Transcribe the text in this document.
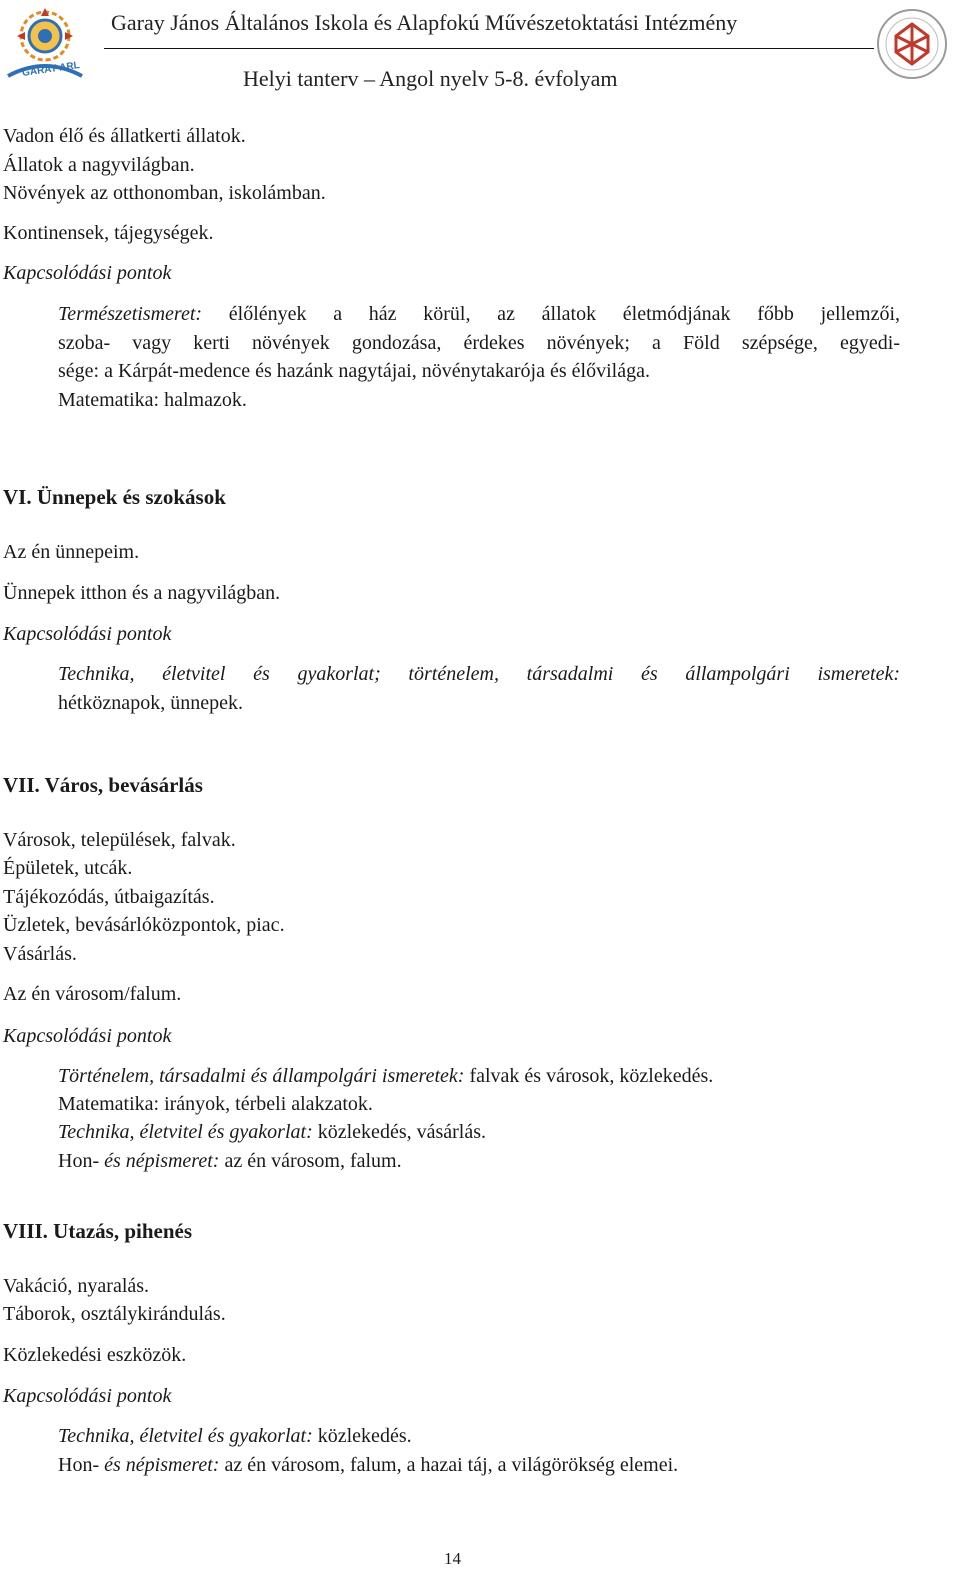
GARAY ARL
Garay János Általános Iskola és Alapfokú Művészetoktatási Intézmény
Helyi tanterv – Angol nyelv 5-8. évfolyam
Vadon élő és állatkerti állatok.
Állatok a nagyvilágban.
Növények az otthonomban, iskolámban.
Kontinensek, tájegységek.
Kapcsolódási pontok
Természetismeret: élőlények a ház körül, az állatok életmódjának főbb jellemzői,
szoba- vagy kerti növények gondozása, érdekes növények; a Föld szépsége, egyedi-
sége: a Kárpát-medence és hazánk nagytájai, növénytakarója és élővilága.
Matematika: halmazok.
VI. Ünnepek és szokások
Az én ünnepeim.
Ünnepek itthon és a nagyvilágban.
Kapcsolódási pontok
Technika, életvitel és gyakorlat; történelem, társadalmi és állampolgári ismeretek:
hétköznapok, ünnepek.
VII. Város, bevásárlás
Városok, települések, falvak.
Épületek, utcák.
Tájékozódás, útbaigazítás.
Üzletek, bevásárlóközpontok, piac.
Vásárlás.
Az én városom/falum.
Kapcsolódási pontok
Történelem, társadalmi és állampolgári ismeretek: falvak és városok, közlekedés.
Matematika: irányok, térbeli alakzatok.
Technika, életvitel és gyakorlat: közlekedés, vásárlás.
Hon- és népismeret: az én városom, falum.
VIII. Utazás, pihenés
Vakáció, nyaralás.
Táborok, osztálykirándulás.
Közlekedési eszközök.
Kapcsolódási pontok
Technika, életvitel és gyakorlat: közlekedés.
Hon- és népismeret: az én városom, falum, a hazai táj, a világörökség elemei.
14
